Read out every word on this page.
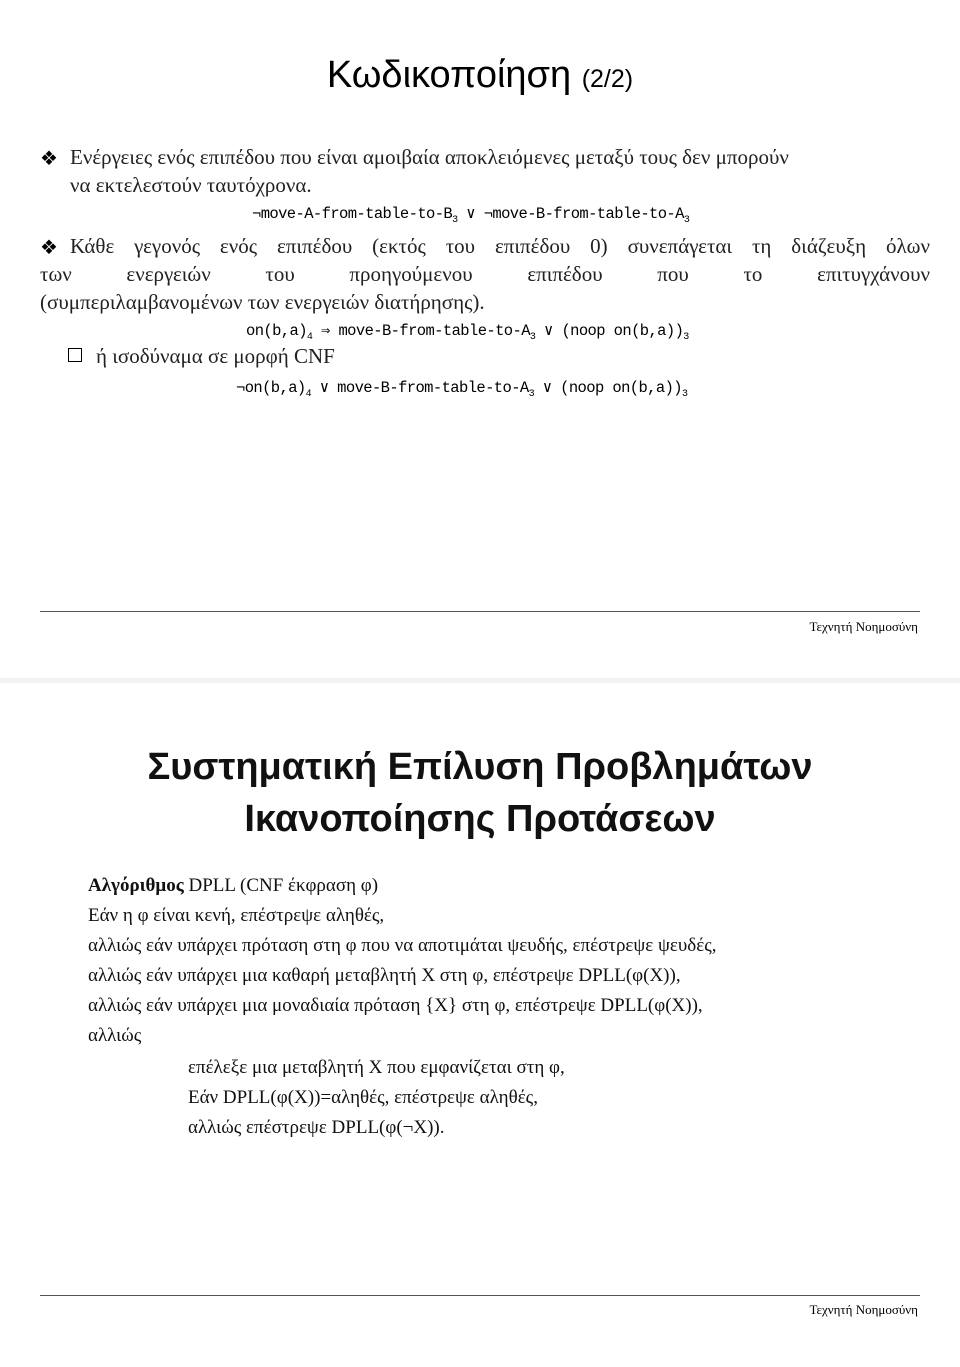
Κωδικοποίηση (2/2)
❖ Ενέργειες ενός επιπέδου που είναι αμοιβαία αποκλειόμενες μεταξύ τους δεν μπορούν
να εκτελεστούν ταυτόχρονα.
$\neg move-A-from-table-to-B_3$ ∨ $\neg move-B-from-table-to-A_3$
❖ Κάθε γεγονός ενός επιπέδου (εκτός του επιπέδου 0) συνεπάγεται τη διάζευξη όλων
των ενεργειών του προηγούμενου επιπέδου που το επιτυγχάνουν
(συμπεριλαμβανομένων των ενεργειών διατήρησης).
$on(b,a)_4$ ⇒ move-$B-from-table-to-A_3$ ∨ (noop $on(b,a))_3$
ή ισοδύναμα σε μορφή CNF
$\neg on(b,a)_4$ ∨ move-$B-from-table-to-A_3$ ∨ (noop $on(b,a))_3$
Τεχνητή Νοημοσύνη
Συστηματική Επίλυση Προβλημάτων
Ικανοποίησης Προτάσεων
Αλγόριθμος DPLL (CNF έκφραση φ)
Εάν η φ είναι κενή, επέστρεψε αληθές,
αλλιώς εάν υπάρχει πρόταση στη φ που να αποτιμάται ψευδής, επέστρεψε ψευδές,
αλλιώς εάν υπάρχει μια καθαρή μεταβλητή X στη φ, επέστρεψε DPLL(φ(X)),
αλλιώς εάν υπάρχει μια μοναδιαία πρόταση {X} στη φ, επέστρεψε DPLL(φ(X)),
αλλιώς
επέλεξε μια μεταβλητή X που εμφανίζεται στη φ,
Εάν DPLL(φ(X))=αληθές, επέστρεψε αληθές,
αλλιώς επέστρεψε DPLL(φ(¬X)).
Τεχνητή Νοημοσύνη
